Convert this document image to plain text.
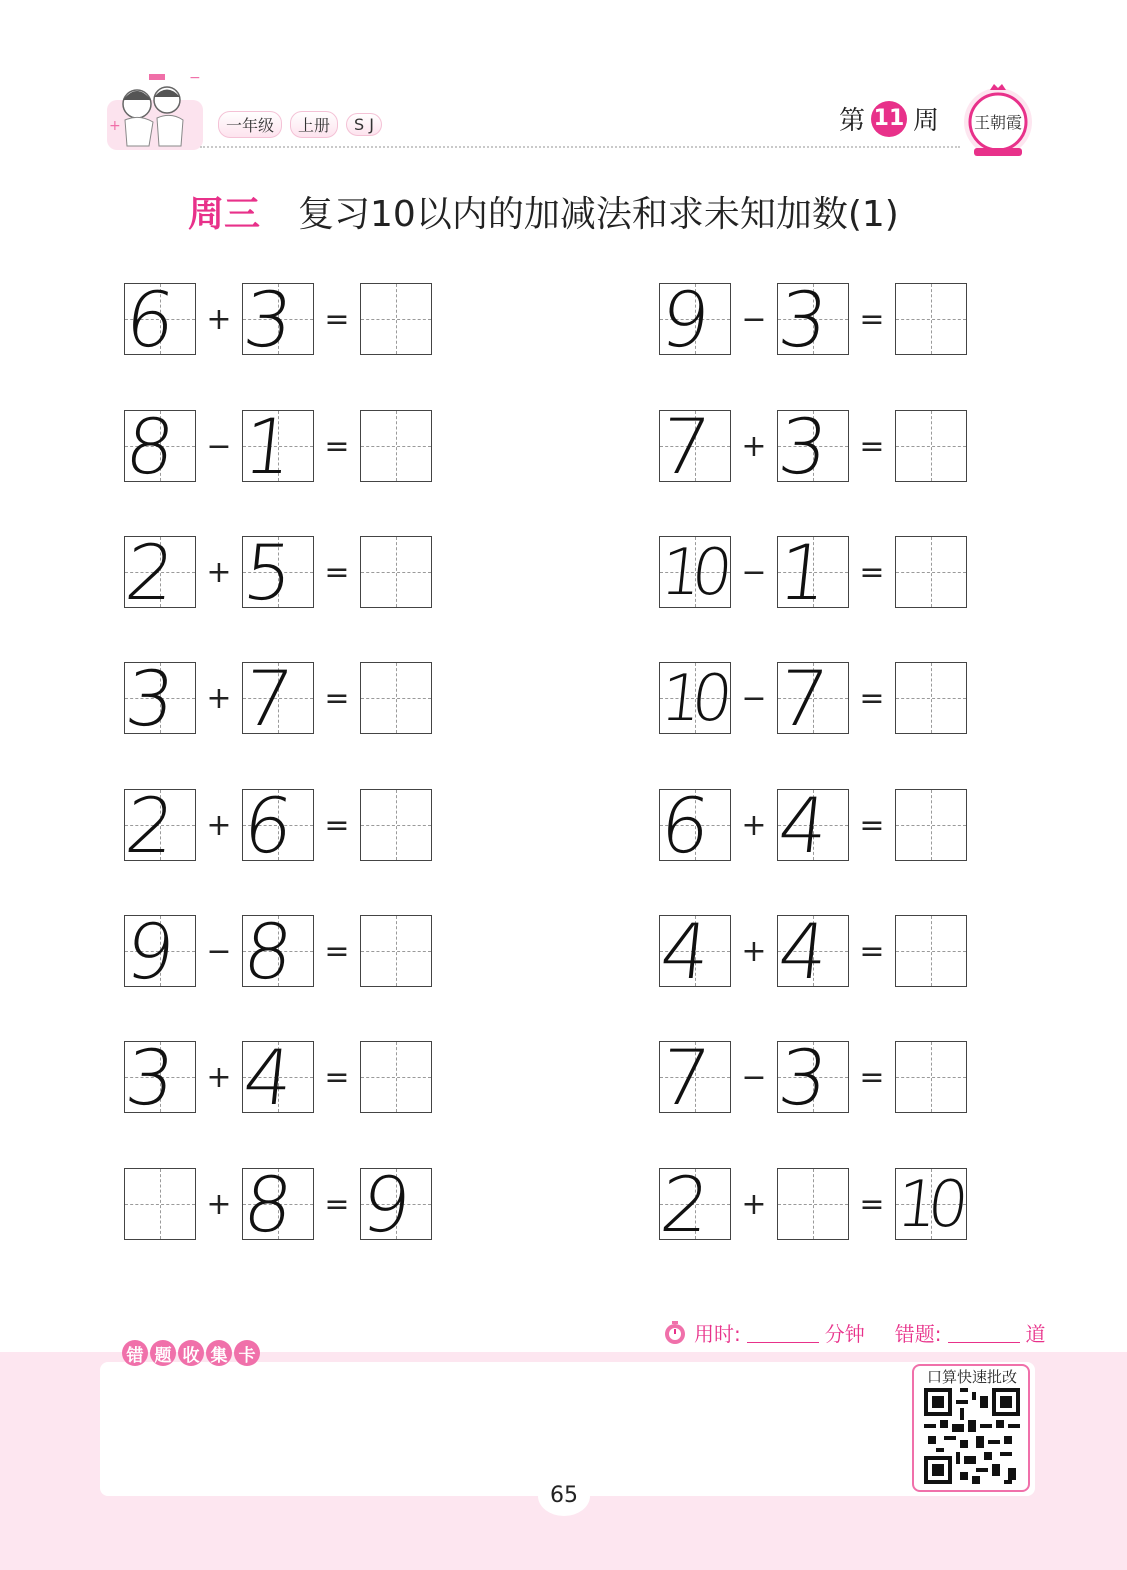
+
−
一年级	上册	S J	第 11 周 王朝霞
周三 复习10以内的加减法和求未知加数(1)
6	+ 3	=
8	− 1	=
2	+ 5	=
3	+ 7	=
2	+ 6	=
9	− 8	=
3	+ 4	=
+ 8	= 9
9	− 3	=
7	+ 3	=
10 − 1	=
10 − 7	=
6	+ 4	=
4	+ 4	=
7	− 3	=
2	+	= 10
用时:	分钟 错题:	道
错 题 收 集 卡
口算快速批改
65
